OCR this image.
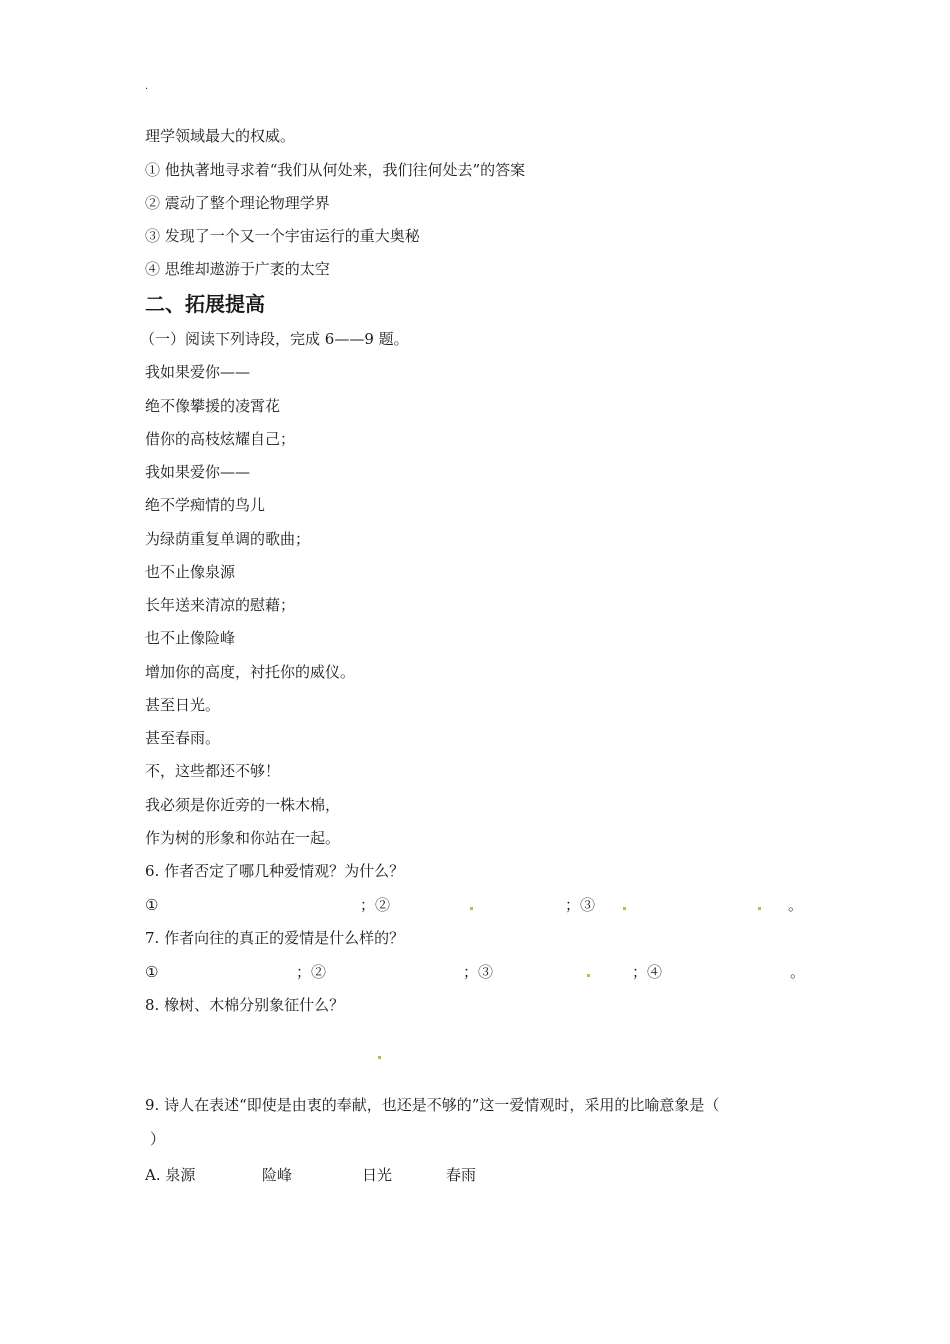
.
理学领域最大的权威。
① 他执著地寻求着“我们从何处来，我们往何处去”的答案
② 震动了整个理论物理学界
③ 发现了一个又一个宇宙运行的重大奥秘
④ 思维却遨游于广袤的太空
二、拓展提高
（一）阅读下列诗段，完成 6——9 题。
我如果爱你——
绝不像攀援的凌霄花
借你的高枝炫耀自己；
我如果爱你——
绝不学痴情的鸟儿
为绿荫重复单调的歌曲；
也不止像泉源
长年送来清凉的慰藉；
也不止像险峰
增加你的高度，衬托你的威仪。
甚至日光。
甚至春雨。
不，这些都还不够！
我必须是你近旁的一株木棉，
作为树的形象和你站在一起。
6. 作者否定了哪几种爱情观？为什么？
①	；②	；③	。
7. 作者向往的真正的爱情是什么样的？
①	；②	；③	；④	。
8. 橡树、木棉分别象征什么？
9. 诗人在表述“即使是由衷的奉献，也还是不够的”这一爱情观时，采用的比喻意象是（
）
A. 泉源	险峰	日光	春雨
